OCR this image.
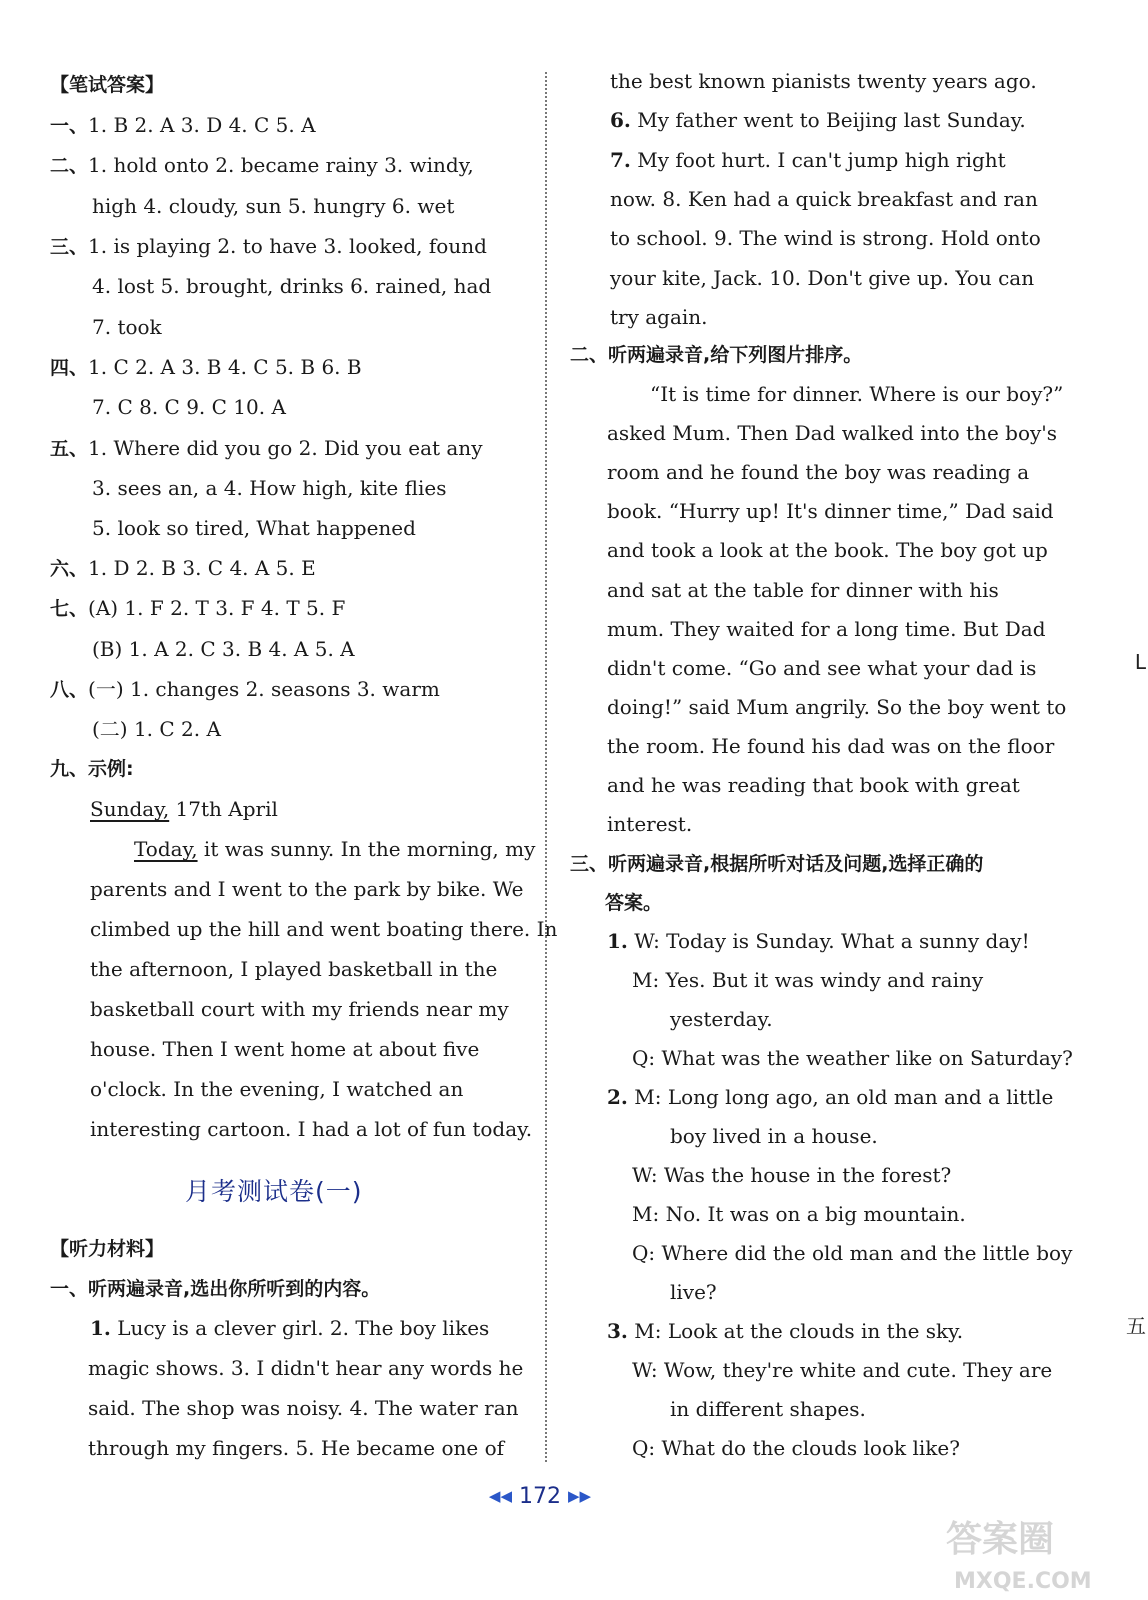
【笔试答案】
一、1. B 2. A 3. D 4. C 5. A
二、1. hold onto 2. became rainy 3. windy,
high 4. cloudy, sun 5. hungry 6. wet
三、1. is playing 2. to have 3. looked, found
4. lost 5. brought, drinks 6. rained, had
7. took
四、1. C 2. A 3. B 4. C 5. B 6. B
7. C 8. C 9. C 10. A
五、1. Where did you go 2. Did you eat any
3. sees an, a 4. How high, kite flies
5. look so tired, What happened
六、1. D 2. B 3. C 4. A 5. E
七、(A) 1. F 2. T 3. F 4. T 5. F
(B) 1. A 2. C 3. B 4. A 5. A
八、(一) 1. changes 2. seasons 3. warm
(二) 1. C 2. A
九、示例:
Sunday, 17th April
Today, it was sunny. In the morning, my
parents and I went to the park by bike. We
climbed up the hill and went boating there. In
the afternoon, I played basketball in the
basketball court with my friends near my
house. Then I went home at about five
o'clock. In the evening, I watched an
interesting cartoon. I had a lot of fun today.
月考测试卷(一)
【听力材料】
一、听两遍录音,选出你所听到的内容。
1. Lucy is a clever girl. 2. The boy likes
magic shows. 3. I didn't hear any words he
said. The shop was noisy. 4. The water ran
through my fingers. 5. He became one of
the best known pianists twenty years ago.
6. My father went to Beijing last Sunday.
7. My foot hurt. I can't jump high right
now. 8. Ken had a quick breakfast and ran
to school. 9. The wind is strong. Hold onto
your kite, Jack. 10. Don't give up. You can
try again.
二、听两遍录音,给下列图片排序。
“It is time for dinner. Where is our boy?”
asked Mum. Then Dad walked into the boy's
room and he found the boy was reading a
book. “Hurry up! It's dinner time,” Dad said
and took a look at the book. The boy got up
and sat at the table for dinner with his
mum. They waited for a long time. But Dad
didn't come. “Go and see what your dad is
doing!” said Mum angrily. So the boy went to
the room. He found his dad was on the floor
and he was reading that book with great
interest.
三、听两遍录音,根据所听对话及问题,选择正确的
答案。
1. W: Today is Sunday. What a sunny day!
M: Yes. But it was windy and rainy
yesterday.
Q: What was the weather like on Saturday?
2. M: Long long ago, an old man and a little
boy lived in a house.
W: Was the house in the forest?
M: No. It was on a big mountain.
Q: Where did the old man and the little boy
live?
3. M: Look at the clouds in the sky.
W: Wow, they're white and cute. They are
in different shapes.
Q: What do the clouds look like?
L
五
◀◀ 172 ▶▶
答案圈
MXQE.COM
